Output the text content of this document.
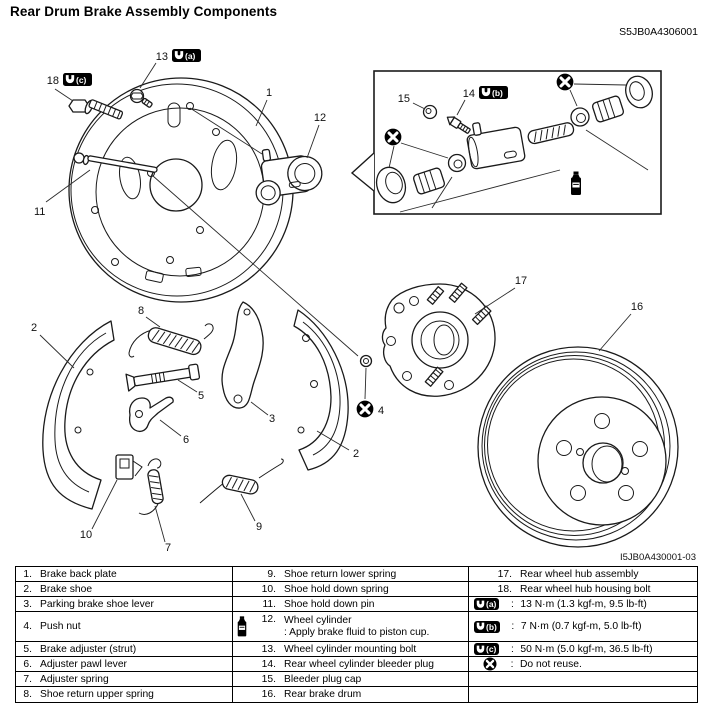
Rear Drum Brake Assembly Components
S5JB0A4306001
15	14 (b)
13 (a)
18 (c)
11
1
12
2
8
5
6
10
7
3
2
4
9
17
16
I5JB0A430001-03
1. Brake back plate
2. Brake shoe
3. Parking brake shoe lever
4. Push nut
5. Brake adjuster (strut)
6. Adjuster pawl lever
7. Adjuster spring
8. Shoe return upper spring
9. Shoe return lower spring
10. Shoe hold down spring
11. Shoe hold down pin
12. Wheel cylinder
: Apply brake fluid to piston cup.
13. Wheel cylinder mounting bolt
14. Rear wheel cylinder bleeder plug
15. Bleeder plug cap
16. Rear brake drum
17. Rear wheel hub assembly
18. Rear wheel hub housing bolt
(a) : 13 N·m (1.3 kgf-m, 9.5 lb-ft)
(b) : 7 N·m (0.7 kgf-m, 5.0 lb-ft)
(c) : 50 N·m (5.0 kgf-m, 36.5 lb-ft)
: Do not reuse.
